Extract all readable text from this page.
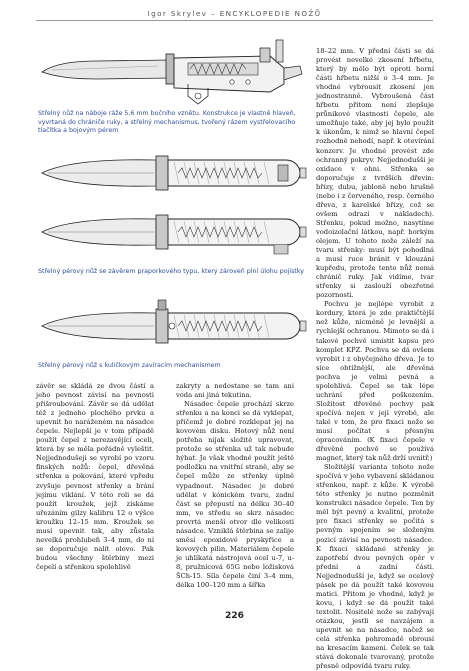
Igor Skrylev – ENCYKLOPEDIE NOŽŮ
Střelný nůž na náboje ráže 5,6 mm bočního vznětu. Konstrukce je vlastně hlaveň, vyvrtaná do chrániče ruky, a střelný mechanismus, tvořený rázem vystřelovacího tlačítka a bojovým pérem
Střelný pérový nůž se závěrem praporkového typu, který zároveň plní úlohu pojistky
Střelný pérový nůž s kuličkovým zavíracím mechanismem

18–22 mm. V přední části se dá provést nevelké zkosení hřbetu, který by mělo být oproti horní části hřbetu nižší o 3–4 mm. Je vhodné vybrousit zkosení jen jednostranně. Vybroušená část hřbetu přitom není zlepšuje průnikové vlastnosti čepele, ale umožňuje také, aby jej bylo použít k úkonům, k nimž se hlavní čepel rozhodně nehodí, např. k otevírání konzerv. Je vhodné provést zde ochranný pokryv. Nejjednodušší je oxidace v ohni. Střenka se doporučuje z tvrdších dřevin: břízy, dubu, jabloně nebo hrušně (nebo i z červeného, resp. černého dřeva, z karelské břízy, což se ovšem odrazí v nákladech). Střenku, pokud možno, nasytíme vodoizolační látkou, např. horkým olejem. U tohoto nože záleží na tvaru střenky: musí být pohodlná a musí ruce bránit v klouzání kupředu, protože tento nůž nemá chránič ruky. Jak vidíme, tvar střenky si zaslouží obezřetné pozornosti.

Pochvu je nejlépe vyrobit z kordury, která je zde praktičtější než kůže, nicméně je levnější a rychlejší ochranou. Mimoto se dá i takové pochvě umístit kapsu pro komplet KPZ. Pochva se dá ovšem vyrobit i z obyčejného dřeva. Je to sice obtížnější, ale dřevěná pochva je velmi pevná a spolehlivá. Čepel se tak lépe uchrání před poškozením. Složitost dřevěné pochvy pak spočívá nejen v její výrobě, ale také v tom, že pro fixaci nože se musí počítat s přesným opracováním. (K fixaci čepele v dřevěné pochvě se používá magnet, který tak nůž drží uvnitř.)

Složitější varianta tohoto nože spočívá v jeho vybavení skládanou střenkou, např. z kůže. K výrobě této střenky je nutno pozměnit konstrukci násadce čepele. Ten by měl být pevný a kvalitní, protože pro fixaci střenky se počítá s pevným spojením se složeným pozicí závisí na pevnosti násadce. K fixaci skládané střenky je zapotřebí dvou pevných opěr v přední a zadní části. Nejjednodušší je, když se ocelový pásek po dá použít také kovovou matici. Přitom je vhodné, když je kovu, i když se dá použít také textolit. Nositelé nože se zabývají otázkou, jestli se navzájem a upevnit se na násadce, načež se celá střenka pohromadě obrousí na kresacím kameni. Čelek se tak stává dokonale tvarovaný, protože přesně odpovídá tvaru ruky.

závěr se skládá ze dvou částí a jeho pevnost závisí na pevnosti přišroubování. Závěr se dá udělat též z jednoho plochého prvku a upevnit ho naráženém na násadce čepele. Nejlepší je v tom případě použít čepel z nerezavějící oceli, která by se měla pořádně vyleštit. Nejjednodušeji se vyrobí po vzoru finských nožů: čepel, dřevěná střenka a pokování, které vpředu zvyšuje pevnost střenky a brání jejímu viklání. V této roli se dá použít kroužek, jejž získáme uřezáním gilzy kalibru 12 o výšce kroužku 12–15 mm. Kroužek se musí upevnit tak, aby zůstala nevelká prohlubeň 3–4 mm, do ní se doporučuje nalít olovo. Pak budou všechny štěrbiny mezi čepelí a střenkou spolehlivě

zakryty a nedostane se tam ani voda ani jiná tekutina.

Násadec čepele prochází skrze střenku a na konci se dá vyklepat, přičemž je dobré rozklepat jej na kovovém disku. Hotový nůž není potřeba nijak složitě upravovat, protože se střenka už tak nebude hýbat. Je však vhodné použít ještě podložku na vnitřní straně, aby se čepel může ze střenky úplně vypadnout. Násadec je dobré udělat v kónickém tvaru, zadní část se přepustí na délku 30–40 mm, ve středu se skrz násadec provrtá menší otvor dle velikosti násadce. Vzniklá štěrbina se zalije směsí epoxidové pryskyřice a kovových pilin. Materiálem čepele je uhlíkatá nástrojová ocel u-7, u-8, pružnicová 65G nebo ložisková ŠCh-15. Síla čepele činí 3–4 mm, délka 100–120 mm a šířka

226
